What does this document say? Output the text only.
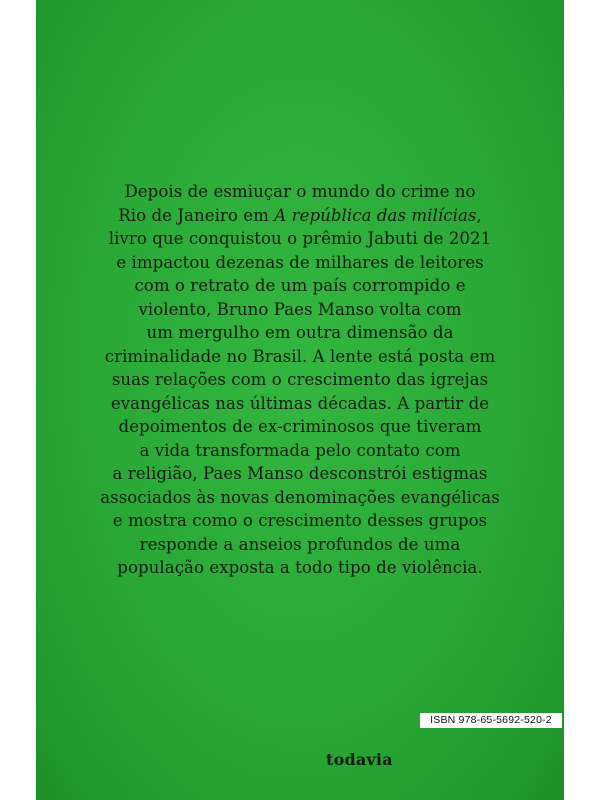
Depois de esmiuçar o mundo do crime no
Rio de Janeiro em A república das milícias,
livro que conquistou o prêmio Jabuti de 2021
e impactou dezenas de milhares de leitores
com o retrato de um país corrompido e
violento, Bruno Paes Manso volta com
um mergulho em outra dimensão da
criminalidade no Brasil. A lente está posta em
suas relações com o crescimento das igrejas
evangélicas nas últimas décadas. A partir de
depoimentos de ex-criminosos que tiveram
a vida transformada pelo contato com
a religião, Paes Manso desconstrói estigmas
associados às novas denominações evangélicas
e mostra como o crescimento desses grupos
responde a anseios profundos de uma
população exposta a todo tipo de violência.
ISBN 978-65-5692-520-2
todavia
